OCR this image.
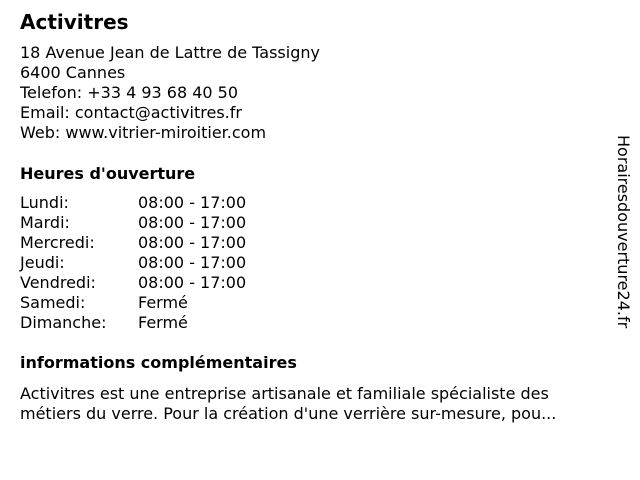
Activitres
18 Avenue Jean de Lattre de Tassigny
6400 Cannes
Telefon: +33 4 93 68 40 50
Email: contact@activitres.fr
Web: www.vitrier-miroitier.com
Heures d'ouverture
Lundi:	08:00 - 17:00
Mardi:	08:00 - 17:00
Mercredi:	08:00 - 17:00
Jeudi:	08:00 - 17:00
Vendredi:	08:00 - 17:00
Samedi:	Fermé
Dimanche:	Fermé
informations complémentaires
Activitres est une entreprise artisanale et familiale spécialiste des
métiers du verre. Pour la création d'une verrière sur-mesure, pou...
Horairesdouverture24.fr
